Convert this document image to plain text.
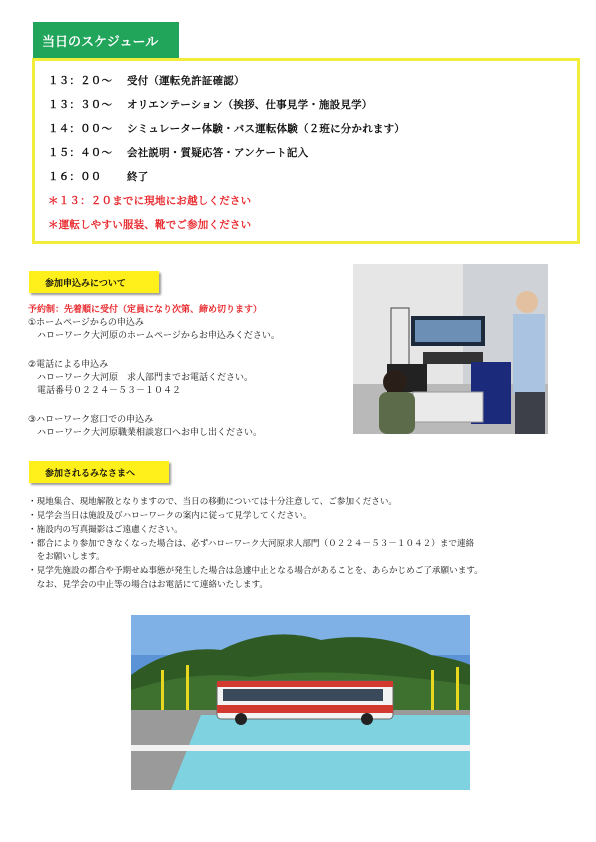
当日のスケジュール
１３：２０～ 受付（運転免許証確認）
１３：３０～ オリエンテーション（挨拶、仕事見学・施設見学）
１４：００～ シミュレーター体験・バス運転体験（２班に分かれます）
１５：４０～ 会社説明・質疑応答・アンケート記入
１６：００ 終了
＊１３：２０までに現地にお越しください
＊運転しやすい服装、靴でご参加ください
参加申込みについて
予約制：先着順に受付（定員になり次第、締め切ります）
①ホームページからの申込み
　ハローワーク大河原のホームページからお申込みください。
②電話による申込み
　ハローワーク大河原　求人部門までお電話ください。
　電話番号０２２４－５３－１０４２
③ハローワーク窓口での申込み
　ハローワーク大河原職業相談窓口へお申し出ください。
参加されるみなさまへ
・現地集合、現地解散となりますので、当日の移動については十分注意して、ご参加ください。
・見学会当日は施設及びハローワークの案内に従って見学してください。
・施設内の写真撮影はご遠慮ください。
・都合により参加できなくなった場合は、必ずハローワーク大河原求人部門（０２２４－５３－１０４２）まで連絡
　をお願いします。
・見学先施設の都合や予期せぬ事態が発生した場合は急遽中止となる場合があることを、あらかじめご了承願います。
　なお、見学会の中止等の場合はお電話にて連絡いたします。
